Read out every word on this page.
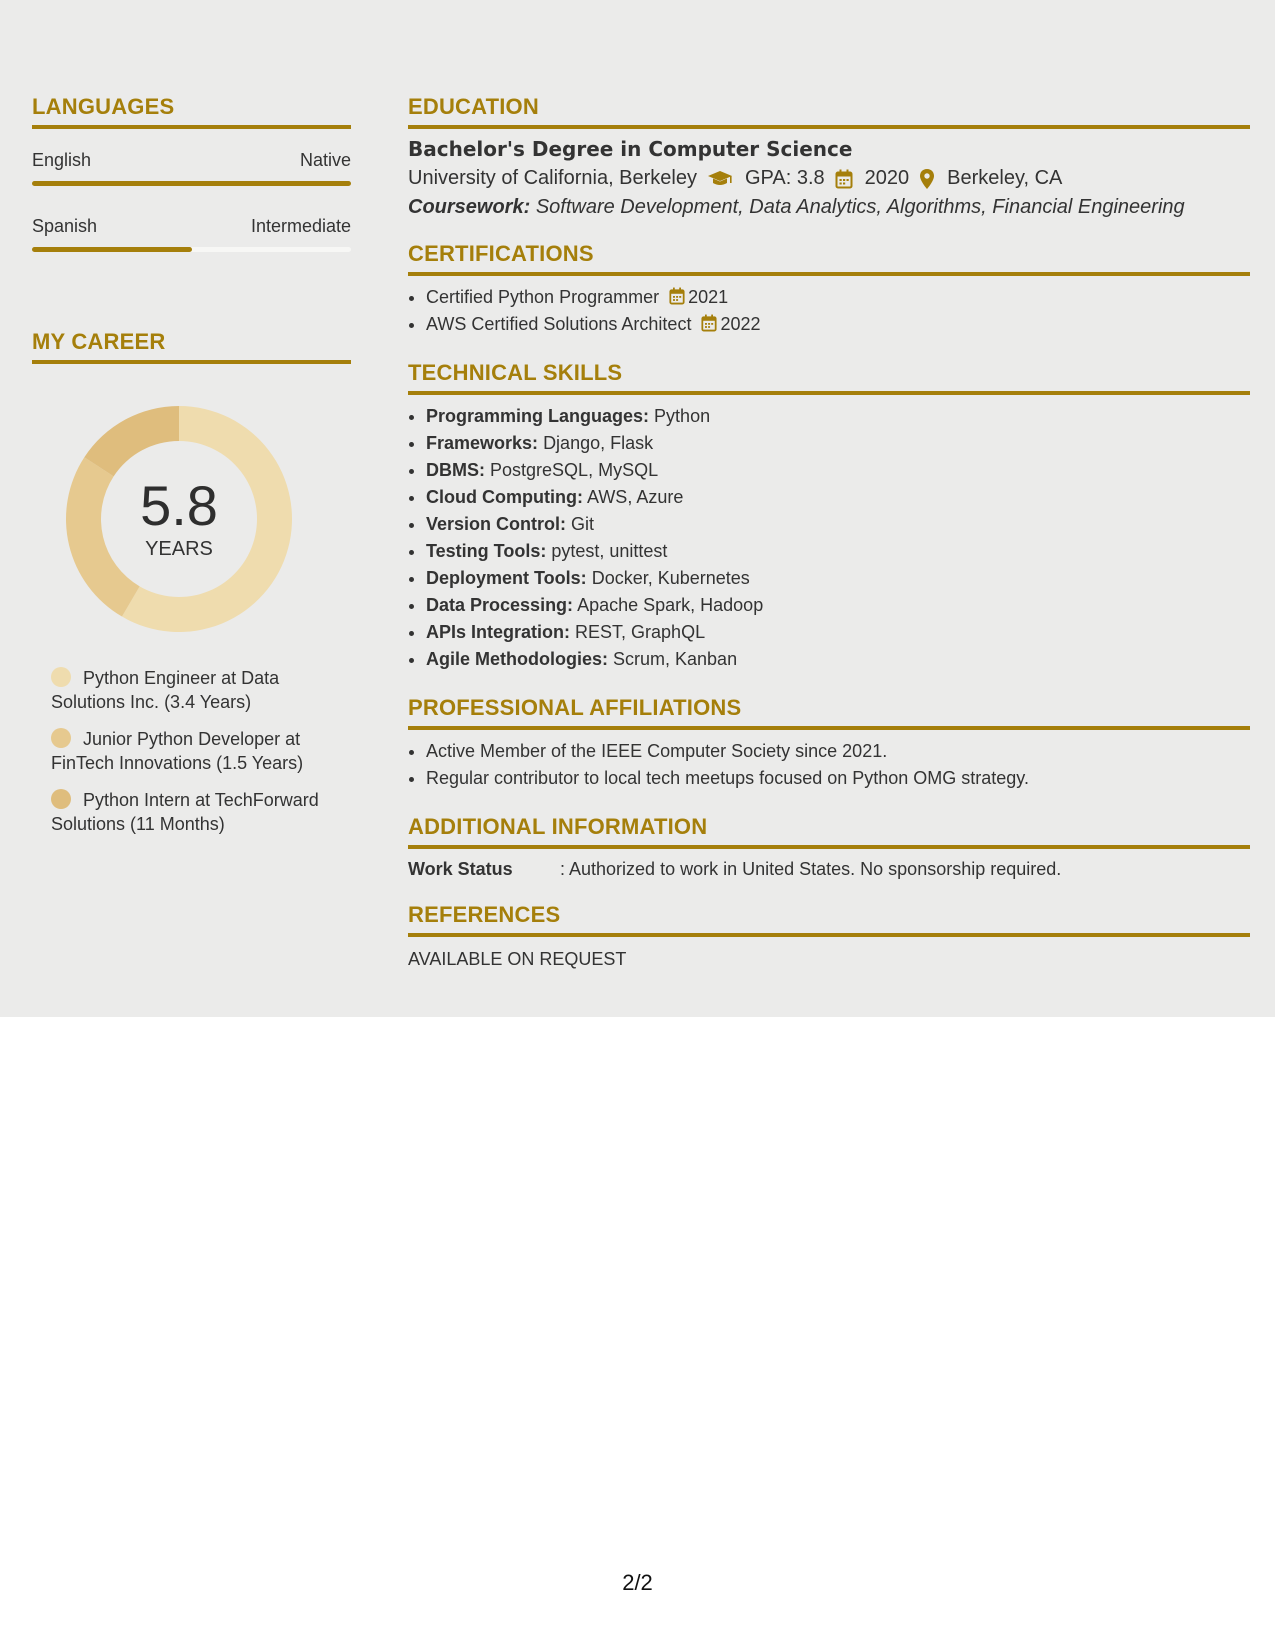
LANGUAGES
English	Native
Spanish	Intermediate
MY CAREER
5.8
YEARS
Python Engineer at Data Solutions Inc. (3.4 Years)
Junior Python Developer at FinTech Innovations (1.5 Years)
Python Intern at TechForward Solutions (11 Months)
EDUCATION
Bachelor's Degree in Computer Science
University of California, Berkeley GPA: 3.8 2020 Berkeley, CA
Coursework: Software Development, Data Analytics, Algorithms, Financial Engineering
CERTIFICATIONS
• Certified Python Programmer 2021
• AWS Certified Solutions Architect 2022
TECHNICAL SKILLS
• Programming Languages: Python
• Frameworks: Django, Flask
• DBMS: PostgreSQL, MySQL
• Cloud Computing: AWS, Azure
• Version Control: Git
• Testing Tools: pytest, unittest
• Deployment Tools: Docker, Kubernetes
• Data Processing: Apache Spark, Hadoop
• APIs Integration: REST, GraphQL
• Agile Methodologies: Scrum, Kanban
PROFESSIONAL AFFILIATIONS
• Active Member of the IEEE Computer Society since 2021.
• Regular contributor to local tech meetups focused on Python OMG strategy.
ADDITIONAL INFORMATION
Work Status	: Authorized to work in United States. No sponsorship required.
REFERENCES
AVAILABLE ON REQUEST
2/2
